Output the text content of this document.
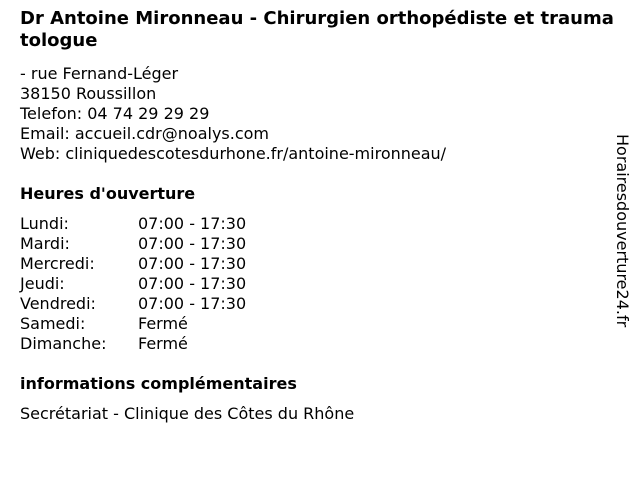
Dr Antoine Mironneau - Chirurgien orthopédiste et traumatologue
- rue Fernand-Léger
38150 Roussillon
Telefon: 04 74 29 29 29
Email: accueil.cdr@noalys.com
Web: cliniquedescotesdurhone.fr/antoine-mironneau/
Heures d'ouverture
Lundi:	07:00 - 17:30
Mardi:	07:00 - 17:30
Mercredi:	07:00 - 17:30
Jeudi:	07:00 - 17:30
Vendredi:	07:00 - 17:30
Samedi:	Fermé
Dimanche:	Fermé
informations complémentaires
Secrétariat - Clinique des Côtes du Rhône
Horairesdouverture24.fr
